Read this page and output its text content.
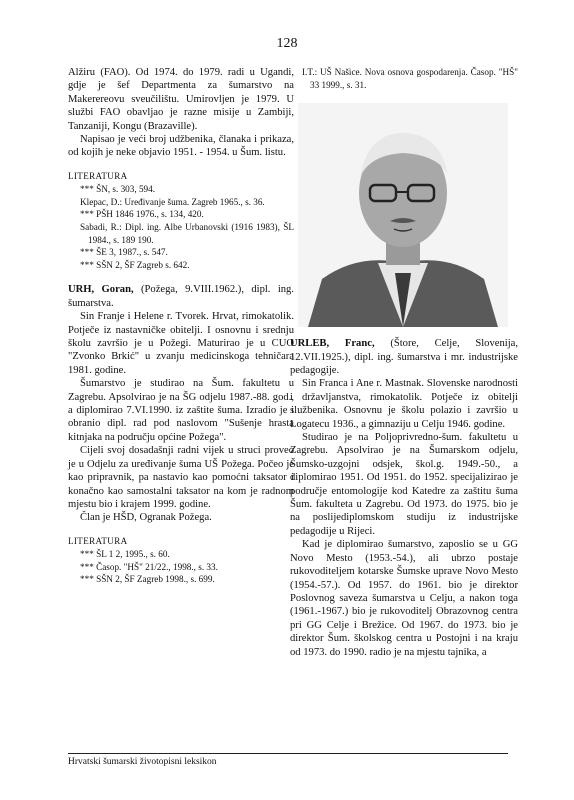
128

Alžiru (FAO). Od 1974. do 1979. radi u Ugandi, gdje je šef Departmenta za šumarstvo na Makerereovu sveučilištu. Umirovljen je 1979. U službi FAO obavljao je razne misije u Zambiji, Tanzaniji, Kongu (Brazaville).

Napisao je veći broj udžbenika, članaka i prikaza, od kojih je neke objavio 1951. - 1954. u Šum. listu.

LITERATURA

*** ŠN, s. 303, 594.

Klepac, D.: Uređivanje šuma. Zagreb 1965., s. 36.

*** PŠH 1846 1976., s. 134, 420.

Sabadi, R.: Dipl. ing. Albe Urbanovski (1916 1983), ŠL 1984., s. 189 190.

*** ŠE 3, 1987., s. 547.

*** SŠN 2, ŠF Zagreb s. 642.

URH, Goran, (Požega, 9.VIII.1962.), dipl. ing. šumarstva.

Sin Franje i Helene r. Tvorek. Hrvat, rimokatolik. Potječe iz nastavničke obitelji. I osnovnu i srednju školu završio je u Požegi. Maturirao je u CUO "Zvonko Brkić" u zvanju medicinskoga tehničara 1981. godine.

Šumarstvo je studirao na Šum. fakultetu u Zagrebu. Apsolvirao je na ŠG odjelu 1987.-88. god., a diplomirao 7.VI.1990. iz zaštite šuma. Izradio je i obranio dipl. rad pod naslovom "Sušenje hrasta kitnjaka na području općine Požega".

Cijeli svoj dosadašnji radni vijek u struci proveo je u Odjelu za uređivanje šuma UŠ Požega. Počeo je kao pripravnik, pa nastavio kao pomoćni taksator i konačno kao samostalni taksator na kom je radnom mjestu bio i krajem 1999. godine.

Član je HŠD, Ogranak Požega.

LITERATURA

*** ŠL 1 2, 1995., s. 60.

*** Časop. "HŠ" 21/22., 1998., s. 33.

*** SŠN 2, ŠF Zagreb 1998., s. 699.

I.T.: UŠ Našice. Nova osnova gospodarenja. Časop. "HŠ" 33 1999., s. 31.

URLEB, Franc, (Štore, Celje, Slovenija, 12.VII.1925.), dipl. ing. šumarstva i mr. industrijske pedagogije.

Sin Franca i Ane r. Mastnak. Slovenske narodnosti i državljanstva, rimokatolik. Potječe iz obitelji službenika. Osnovnu je školu polazio i završio u Logatecu 1936., a gimnaziju u Celju 1946. godine.

Studirao je na Poljoprivredno-šum. fakultetu u Zagrebu. Apsolvirao je na Šumarskom odjelu, Šumsko-uzgojni odsjek, škol.g. 1949.-50., a diplomirao 1951. Od 1951. do 1952. specijalizirao je područje entomologije kod Katedre za zaštitu šuma Šum. fakulteta u Zagrebu. Od 1973. do 1975. bio je na poslijediplomskom studiju iz industrijske pedagodije u Rijeci.

Kad je diplomirao šumarstvo, zaposlio se u GG Novo Mesto (1953.-54.), ali ubrzo postaje rukovoditeljem kotarske Šumske uprave Novo Mesto (1954.-57.). Od 1957. do 1961. bio je direktor Poslovnog saveza šumarstva u Celju, a nakon toga (1961.-1967.) bio je rukovoditelj Obrazovnog centra pri GG Celje i Brežice. Od 1967. do 1973. bio je direktor Šum. školskog centra u Postojni i na kraju od 1973. do 1990. radio je na mjestu tajnika, a

Hrvatski šumarski životopisni leksikon
